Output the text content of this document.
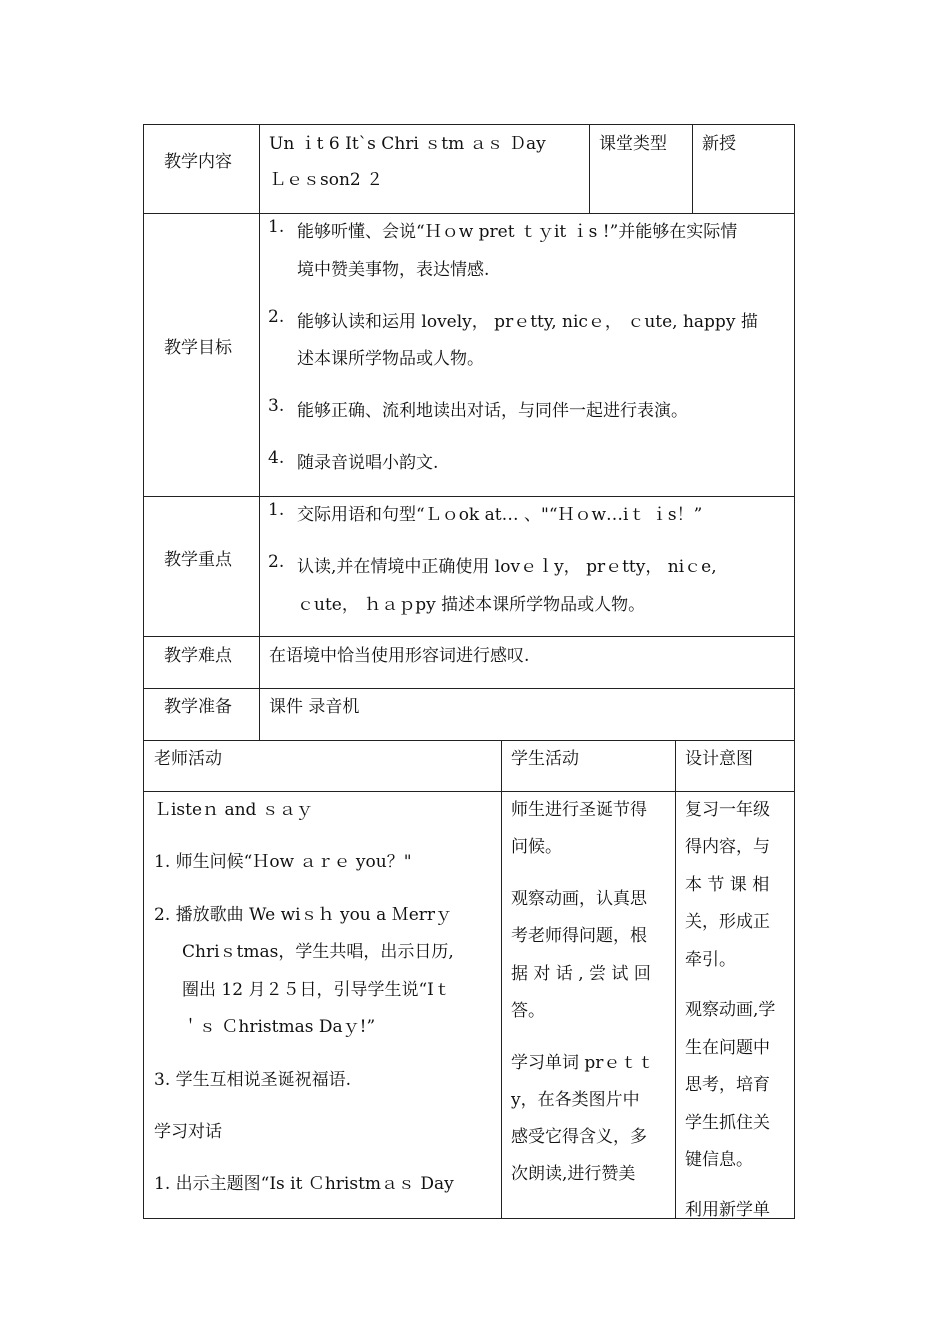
教学内容
Un ｉt 6 It`s Chri ｓtm ａｓ Ｄay
Ｌｅｓson2 ２
课堂类型 新授
教学目标
1. 能够听懂、会说“Ｈｏw pret ｔｙit ｉs !”并能够在实际情
境中赞美事物，表达情感.
2. 能够认读和运用 lovely， prｅtty, nicｅ， ｃute, happy 描
述本课所学物品或人物。
3. 能够正确、流利地读出对话，与同伴一起进行表演。
4. 随录音说唱小韵文.
教学重点
1. 交际用语和句型“Ｌｏok at… 、"“Ｈｏw…iｔ ｉs！”
2. 认读,并在情境中正确使用 lovｅｌy， prｅtty， niｃe,
ｃute， ｈａｐpy 描述本课所学物品或人物。
教学难点 在语境中恰当使用形容词进行感叹.
教学准备 课件 录音机
老师活动	学生活动	设计意图
Ｌisteｎ and ｓａｙ
1. 师生问候“Ｈow ａｒｅ you？"
2. 播放歌曲 We wiｓｈ you a Ｍerrｙ
Chriｓtmas，学生共唱，出示日历,
圈出 12 月２５日，引导学生说“Iｔ
＇ｓ Ｃhristmas Daｙ!”
3. 学生互相说圣诞祝福语.
学习对话
1. 出示主题图“Is it Ｃhristmａｓ Day
师生进行圣诞节得
问候。
观察动画，认真思
考老师得问题，根
据 对 话 , 尝 试 回
答。
学习单词 prｅｔｔ
y，在各类图片中
感受它得含义，多
次朗读,进行赞美
复习一年级
得内容，与
本 节 课 相
关，形成正
牵引。
观察动画,学
生在问题中
思考，培育
学生抓住关
键信息。
利用新学单
